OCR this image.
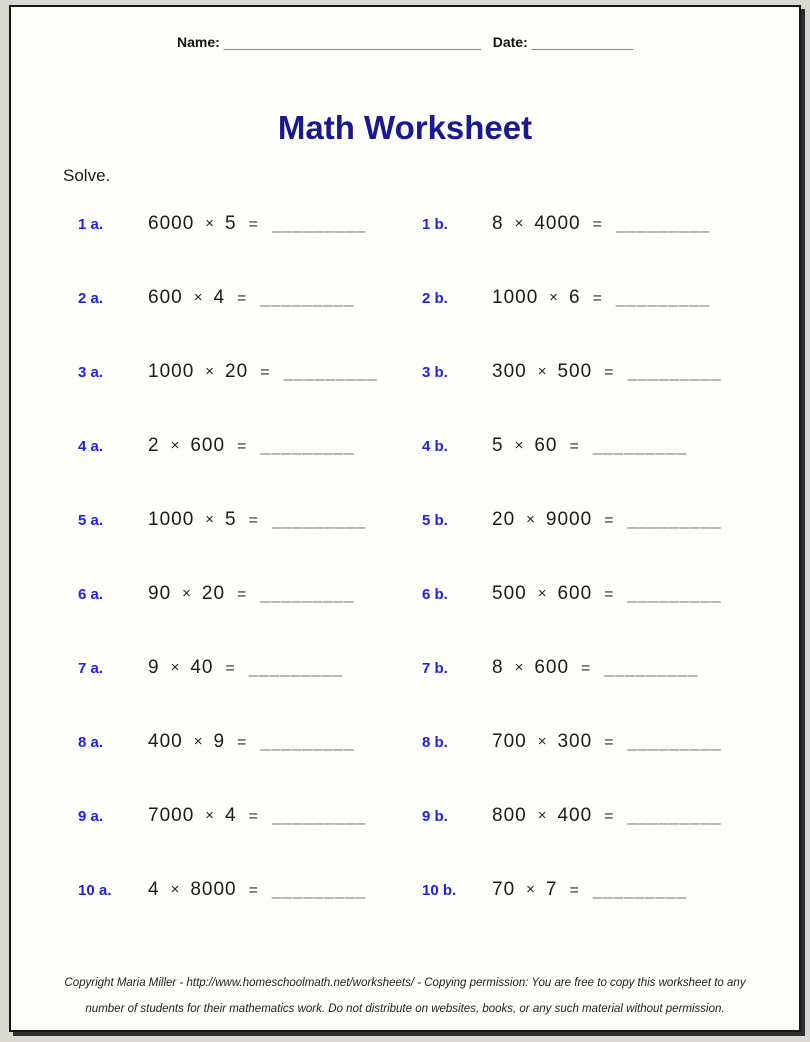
Name: _________________________________ Date: _____________
Math Worksheet
Solve.
1 a.	6000 × 5 = _________	1 b.	8 × 4000 = _________
2 a.	600 × 4 = _________	2 b.	1000 × 6 = _________
3 a.	1000 × 20 = _________	3 b.	300 × 500 = _________
4 a.	2 × 600 = _________	4 b.	5 × 60 = _________
5 a.	1000 × 5 = _________	5 b.	20 × 9000 = _________
6 a.	90 × 20 = _________	6 b.	500 × 600 = _________
7 a.	9 × 40 = _________	7 b.	8 × 600 = _________
8 a.	400 × 9 = _________	8 b.	700 × 300 = _________
9 a.	7000 × 4 = _________	9 b.	800 × 400 = _________
10 a.	4 × 8000 = _________	10 b.	70 × 7 = _________
Copyright Maria Miller - http://www.homeschoolmath.net/worksheets/ - Copying permission: You are free to copy this worksheet to any
number of students for their mathematics work. Do not distribute on websites, books, or any such material without permission.
